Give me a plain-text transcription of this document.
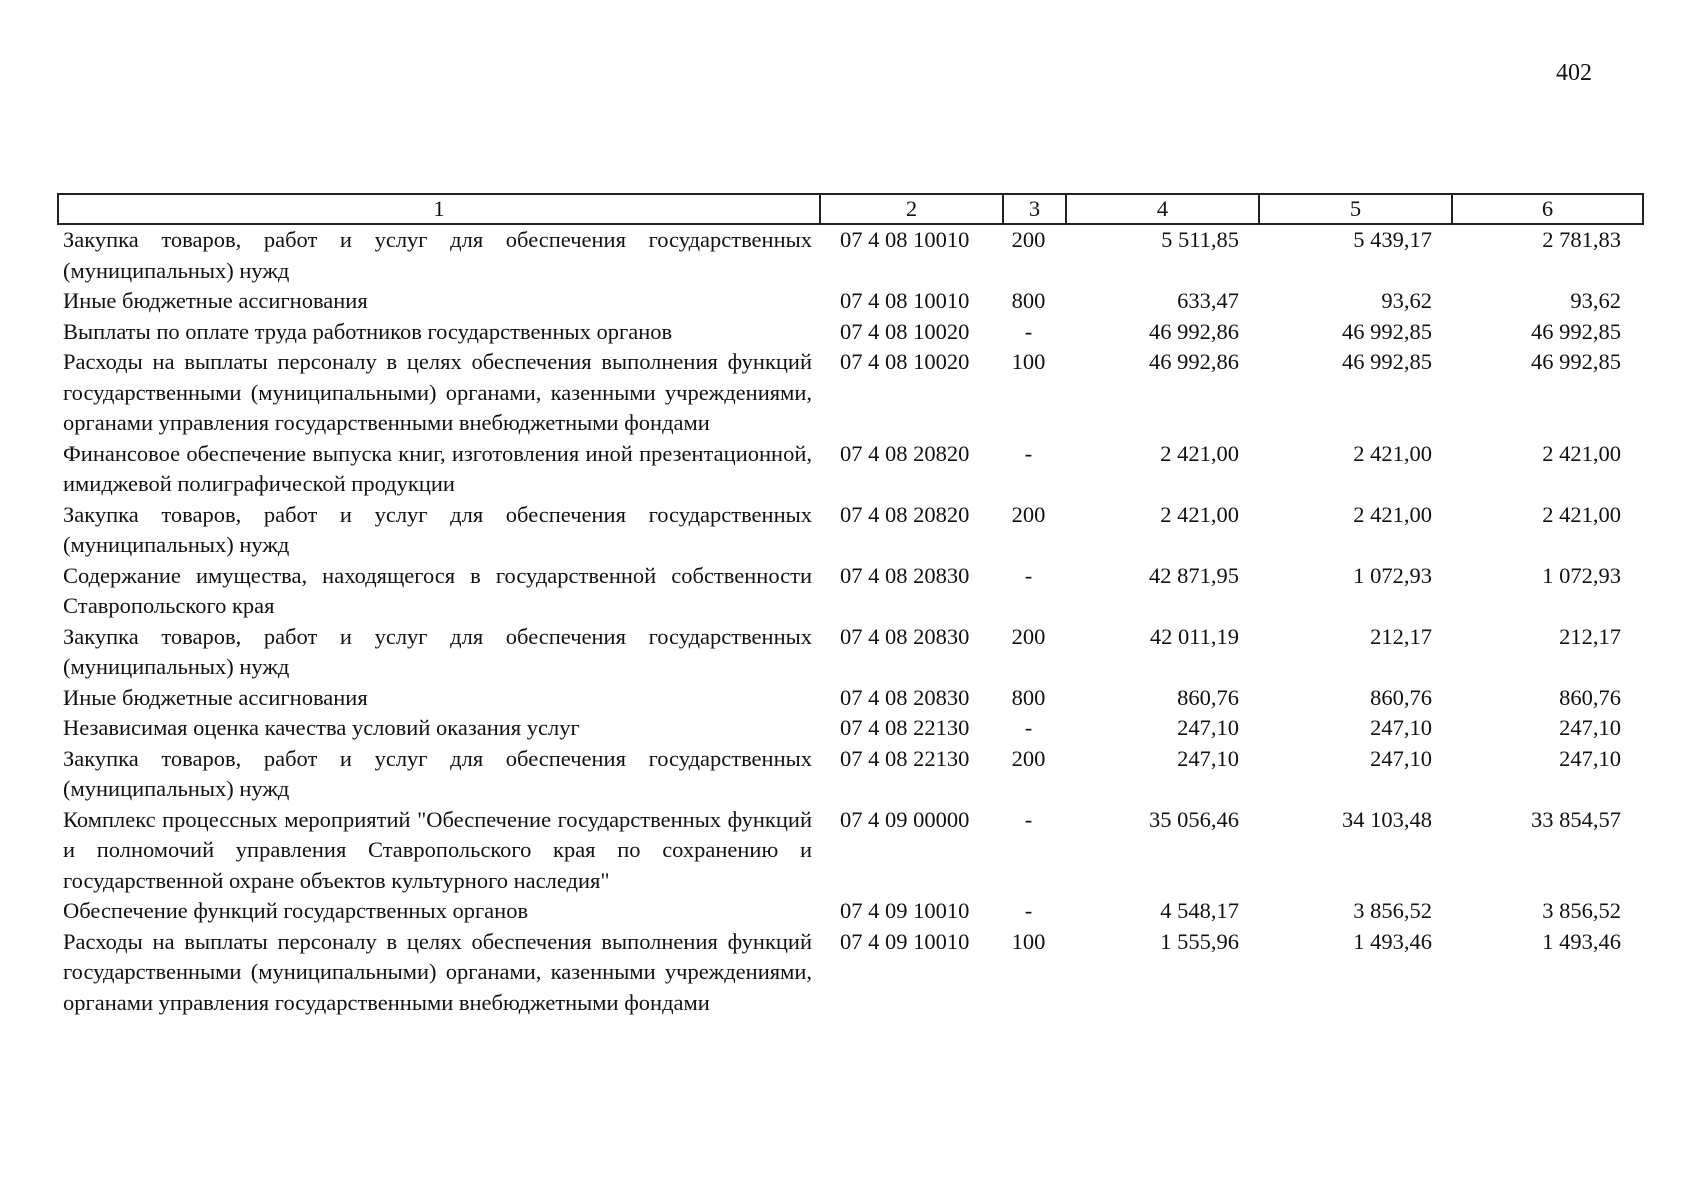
402
1	2	3	4	5	6
Закупка товаров, работ и услуг для обеспечения государственных (муниципальных) нужд	07 4 08 10010	200	5 511,85	5 439,17	2 781,83
Иные бюджетные ассигнования	07 4 08 10010	800	633,47	93,62	93,62
Выплаты по оплате труда работников государственных органов	07 4 08 10020	-	46 992,86	46 992,85	46 992,85
Расходы на выплаты персоналу в целях обеспечения выполнения функций государственными (муниципальными) органами, казенными учреждениями, органами управления государственными внебюджетными фондами	07 4 08 10020	100	46 992,86	46 992,85	46 992,85
Финансовое обеспечение выпуска книг, изготовления иной презентационной, имиджевой полиграфической продукции	07 4 08 20820	-	2 421,00	2 421,00	2 421,00
Закупка товаров, работ и услуг для обеспечения государственных (муниципальных) нужд	07 4 08 20820	200	2 421,00	2 421,00	2 421,00
Содержание имущества, находящегося в государственной собственности Ставропольского края	07 4 08 20830	-	42 871,95	1 072,93	1 072,93
Закупка товаров, работ и услуг для обеспечения государственных (муниципальных) нужд	07 4 08 20830	200	42 011,19	212,17	212,17
Иные бюджетные ассигнования	07 4 08 20830	800	860,76	860,76	860,76
Независимая оценка качества условий оказания услуг	07 4 08 22130	-	247,10	247,10	247,10
Закупка товаров, работ и услуг для обеспечения государственных (муниципальных) нужд	07 4 08 22130	200	247,10	247,10	247,10
Комплекс процессных мероприятий "Обеспечение государственных функций и полномочий управления Ставропольского края по сохранению и государственной охране объектов культурного наследия"	07 4 09 00000	-	35 056,46	34 103,48	33 854,57
Обеспечение функций государственных органов	07 4 09 10010	-	4 548,17	3 856,52	3 856,52
Расходы на выплаты персоналу в целях обеспечения выполнения функций государственными (муниципальными) органами, казенными учреждениями, органами управления государственными внебюджетными фондами	07 4 09 10010	100	1 555,96	1 493,46	1 493,46
